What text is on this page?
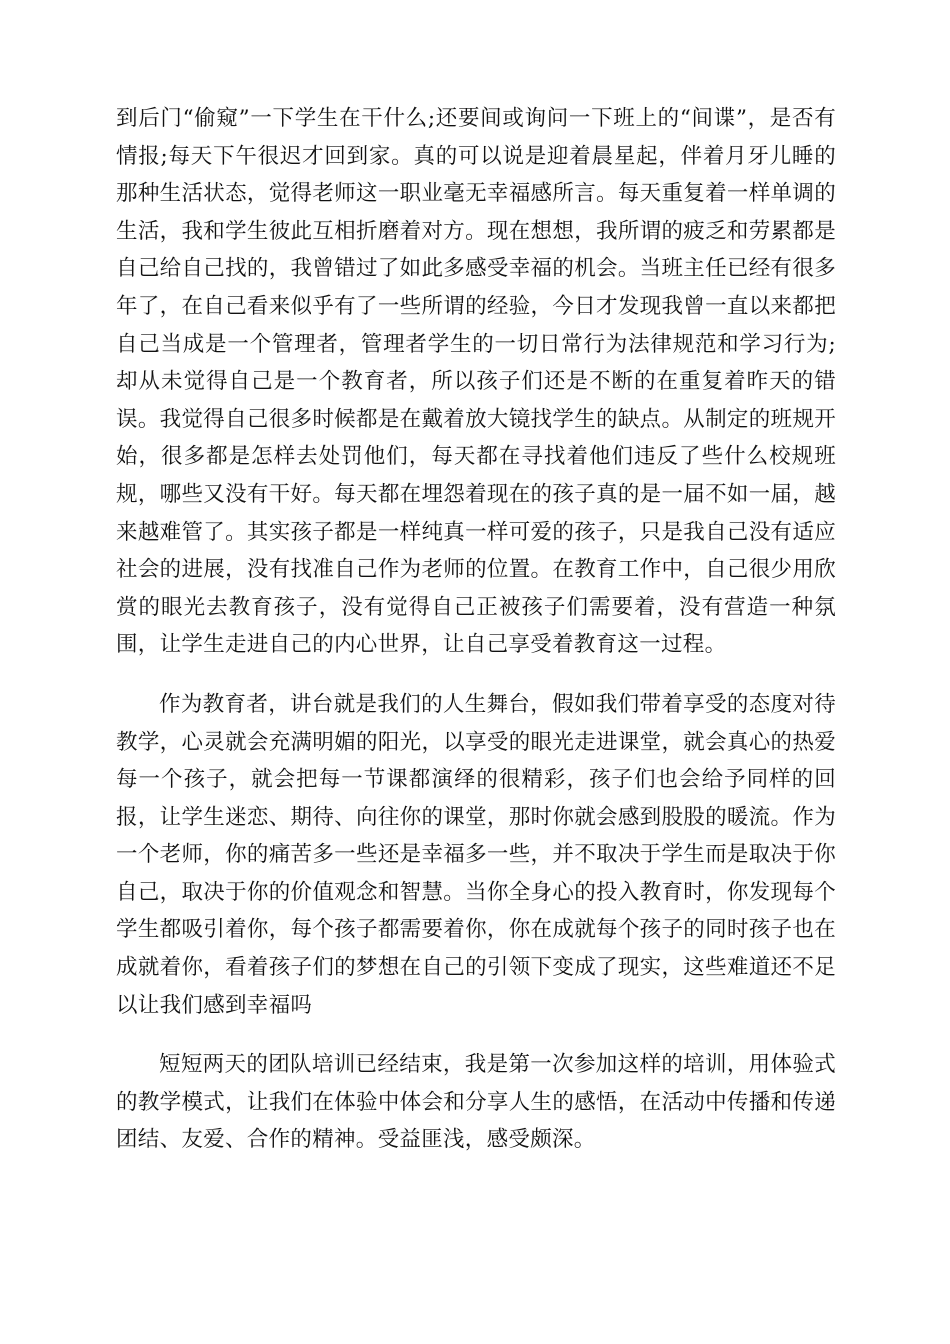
到后门“偷窥”一下学生在干什么;还要间或询问一下班上的“间谍”，是否有情报;每天下午很迟才回到家。真的可以说是迎着晨星起，伴着月牙儿睡的那种生活状态，觉得老师这一职业毫无幸福感所言。每天重复着一样单调的生活，我和学生彼此互相折磨着对方。现在想想，我所谓的疲乏和劳累都是自己给自己找的，我曾错过了如此多感受幸福的机会。当班主任已经有很多年了，在自己看来似乎有了一些所谓的经验，今日才发现我曾一直以来都把自己当成是一个管理者，管理者学生的一切日常行为法律规范和学习行为;却从未觉得自己是一个教育者，所以孩子们还是不断的在重复着昨天的错误。我觉得自己很多时候都是在戴着放大镜找学生的缺点。从制定的班规开始，很多都是怎样去处罚他们，每天都在寻找着他们违反了些什么校规班规，哪些又没有干好。每天都在埋怨着现在的孩子真的是一届不如一届，越来越难管了。其实孩子都是一样纯真一样可爱的孩子，只是我自己没有适应社会的进展，没有找准自己作为老师的位置。在教育工作中，自己很少用欣赏的眼光去教育孩子，没有觉得自己正被孩子们需要着，没有营造一种氛围，让学生走进自己的内心世界，让自己享受着教育这一过程。

作为教育者，讲台就是我们的人生舞台，假如我们带着享受的态度对待教学，心灵就会充满明媚的阳光，以享受的眼光走进课堂，就会真心的热爱每一个孩子，就会把每一节课都演绎的很精彩，孩子们也会给予同样的回报，让学生迷恋、期待、向往你的课堂，那时你就会感到股股的暖流。作为一个老师，你的痛苦多一些还是幸福多一些，并不取决于学生而是取决于你自己，取决于你的价值观念和智慧。当你全身心的投入教育时，你发现每个学生都吸引着你，每个孩子都需要着你，你在成就每个孩子的同时孩子也在成就着你，看着孩子们的梦想在自己的引领下变成了现实，这些难道还不足以让我们感到幸福吗

短短两天的团队培训已经结束，我是第一次参加这样的培训，用体验式的教学模式，让我们在体验中体会和分享人生的感悟，在活动中传播和传递团结、友爱、合作的精神。受益匪浅，感受颇深。
